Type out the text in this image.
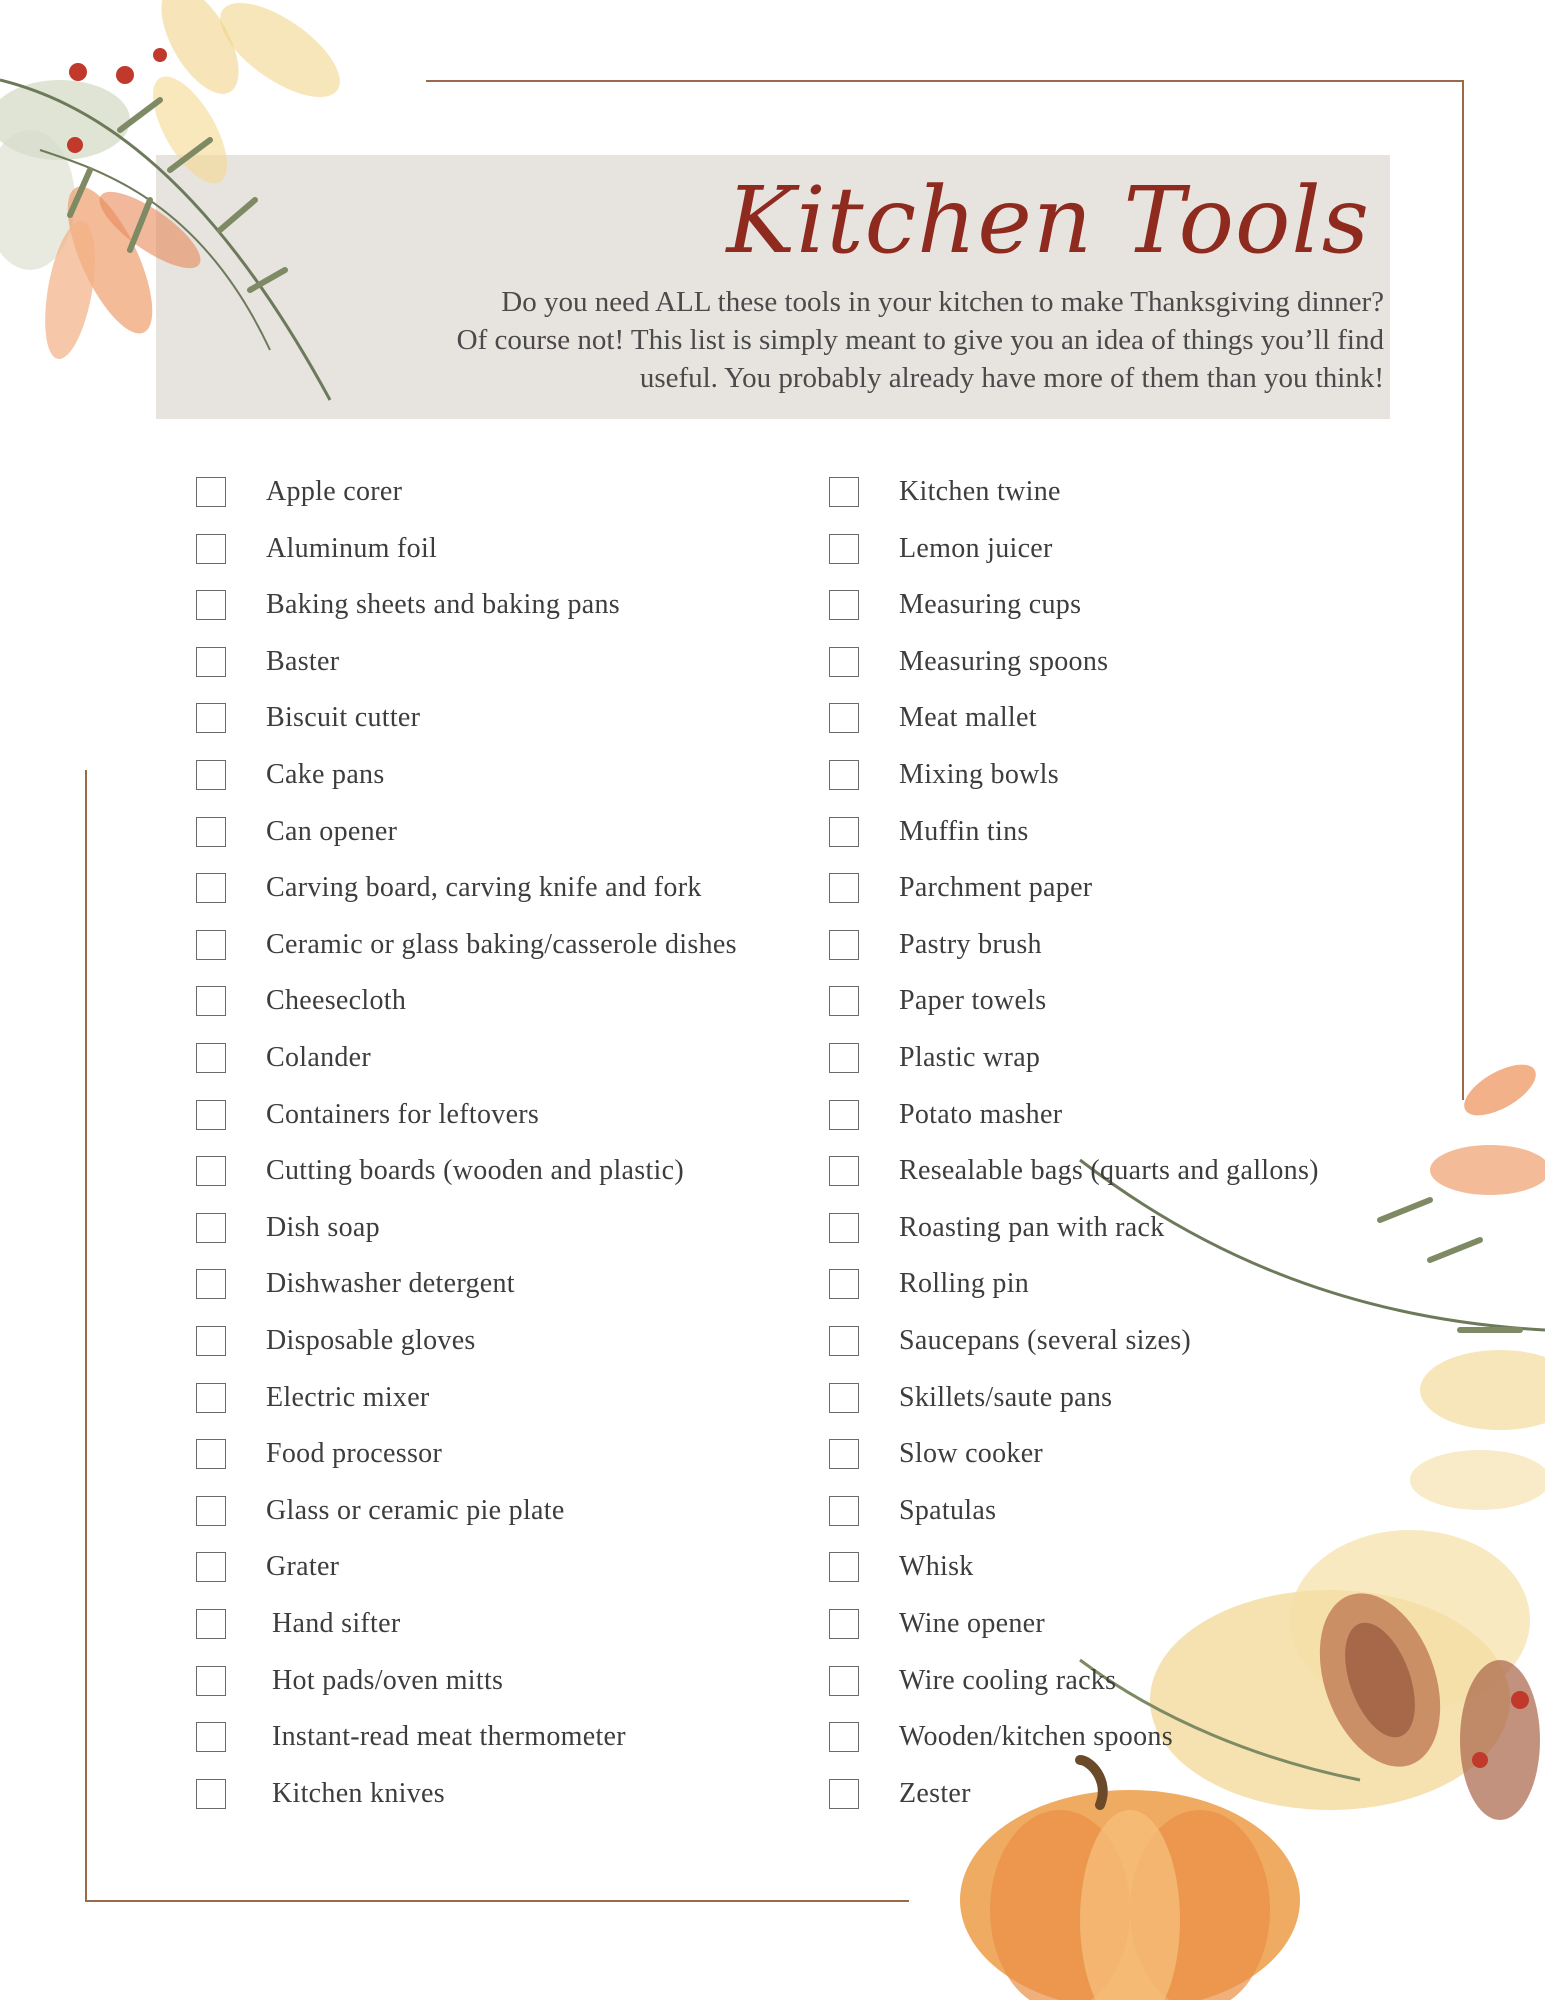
Kitchen Tools
Do you need ALL these tools in your kitchen to make Thanksgiving dinner?
Of course not! This list is simply meant to give you an idea of things you’ll find
useful. You probably already have more of them than you think!
Apple corer
Aluminum foil
Baking sheets and baking pans
Baster
Biscuit cutter
Cake pans
Can opener
Carving board, carving knife and fork
Ceramic or glass baking/casserole dishes
Cheesecloth
Colander
Containers for leftovers
Cutting boards (wooden and plastic)
Dish soap
Dishwasher detergent
Disposable gloves
Electric mixer
Food processor
Glass or ceramic pie plate
Grater
Hand sifter
Hot pads/oven mitts
Instant-read meat thermometer
Kitchen knives
Kitchen twine
Lemon juicer
Measuring cups
Measuring spoons
Meat mallet
Mixing bowls
Muffin tins
Parchment paper
Pastry brush
Paper towels
Plastic wrap
Potato masher
Resealable bags (quarts and gallons)
Roasting pan with rack
Rolling pin
Saucepans (several sizes)
Skillets/saute pans
Slow cooker
Spatulas
Whisk
Wine opener
Wire cooling racks
Wooden/kitchen spoons
Zester
